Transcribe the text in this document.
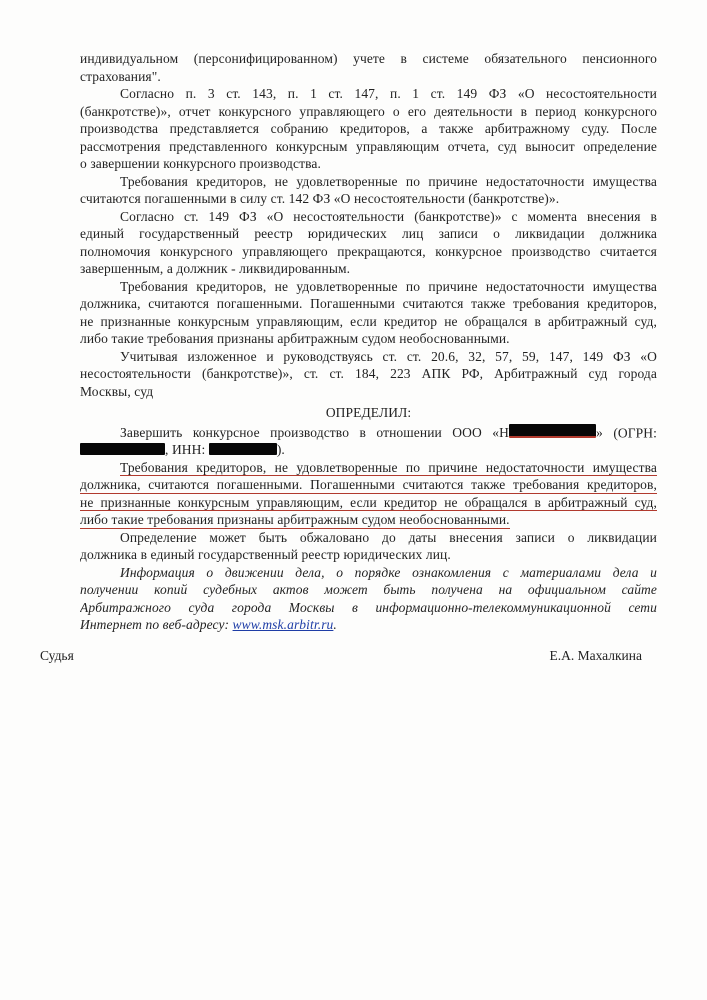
индивидуальном (персонифицированном) учете в системе обязательного пенсионного
страхования".
Согласно п. 3 ст. 143, п. 1 ст. 147, п. 1 ст. 149 ФЗ «О несостоятельности
(банкротстве)», отчет конкурсного управляющего о его деятельности в период конкурсного
производства представляется собранию кредиторов, а также арбитражному суду. После
рассмотрения представленного конкурсным управляющим отчета, суд выносит определение
о завершении конкурсного производства.
Требования кредиторов, не удовлетворенные по причине недостаточности имущества
считаются погашенными в силу ст. 142 ФЗ «О несостоятельности (банкротстве)».
Согласно ст. 149 ФЗ «О несостоятельности (банкротстве)» с момента внесения в
единый государственный реестр юридических лиц записи о ликвидации должника
полномочия конкурсного управляющего прекращаются, конкурсное производство считается
завершенным, а должник - ликвидированным.
Требования кредиторов, не удовлетворенные по причине недостаточности имущества
должника, считаются погашенными. Погашенными считаются также требования кредиторов,
не признанные конкурсным управляющим, если кредитор не обращался в арбитражный суд,
либо такие требования признаны арбитражным судом необоснованными.
Учитывая изложенное и руководствуясь ст. ст. 20.6, 32, 57, 59, 147, 149 ФЗ «О
несостоятельности (банкротстве)», ст. ст. 184, 223 АПК РФ, Арбитражный суд города
Москвы, суд
ОПРЕДЕЛИЛ:
Завершить конкурсное производство в отношении ООО «Н	» (ОГРН:
, ИНН:	).
Требования кредиторов, не удовлетворенные по причине недостаточности имущества
должника, считаются погашенными. Погашенными считаются также требования кредиторов,
не признанные конкурсным управляющим, если кредитор не обращался в арбитражный суд,
либо такие требования признаны арбитражным судом необоснованными.
Определение может быть обжаловано до даты внесения записи о ликвидации
должника в единый государственный реестр юридических лиц.
Информация о движении дела, о порядке ознакомления с материалами дела и
получении копий судебных актов может быть получена на официальном сайте
Арбитражного суда города Москвы в информационно-телекоммуникационной сети
Интернет по веб-адресу: www.msk.arbitr.ru.
Судья	Е.А. Махалкина
